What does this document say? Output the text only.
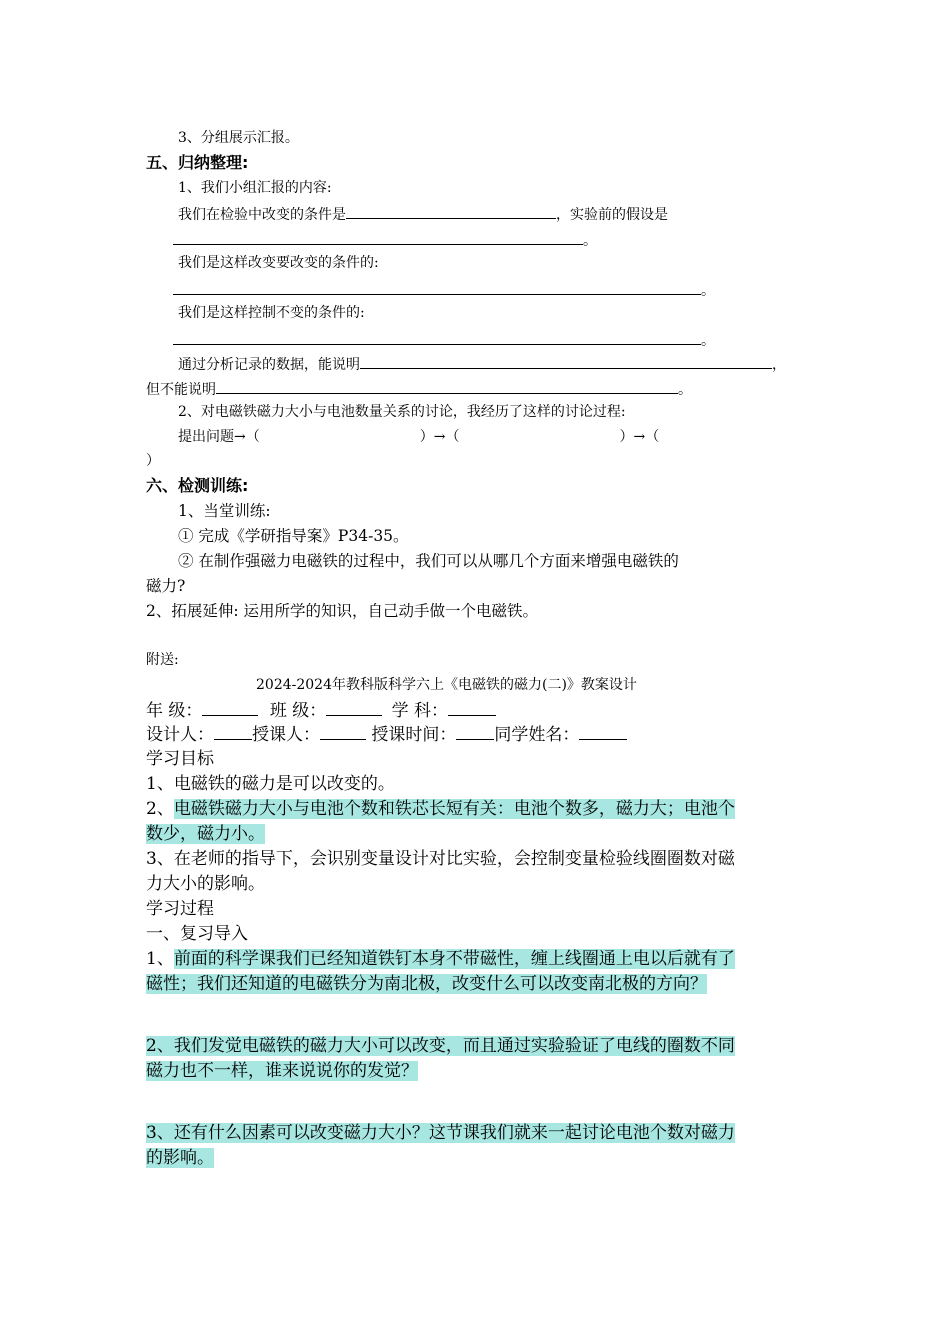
3、分组展示汇报。
五、归纳整理:
1、我们小组汇报的内容:
我们在检验中改变的条件是	，实验前的假设是
。
我们是这样改变要改变的条件的:
。
我们是这样控制不变的条件的:
。
通过分析记录的数据，能说明	，
但不能说明	。
2、对电磁铁磁力大小与电池数量关系的讨论，我经历了这样的讨论过程:
提出问题→（	）→（	）→（
）
六、检测训练:
1、当堂训练:
① 完成《学研指导案》P34-35。
② 在制作强磁力电磁铁的过程中，我们可以从哪几个方面来增强电磁铁的
磁力?
2、拓展延伸: 运用所学的知识，自己动手做一个电磁铁。
附送:
2024-2024年教科版科学六上《电磁铁的磁力(二)》教案设计
年 级：	班 级：	学 科：
设计人： 授课人：	授课时间： 同学姓名：
学习目标
1、电磁铁的磁力是可以改变的。
2、电磁铁磁力大小与电池个数和铁芯长短有关：电池个数多，磁力大；电池个
数少，磁力小。
3、在老师的指导下，会识别变量设计对比实验，会控制变量检验线圈圈数对磁
力大小的影响。
学习过程
一、复习导入
1、前面的科学课我们已经知道铁钉本身不带磁性，缠上线圈通上电以后就有了
磁性；我们还知道的电磁铁分为南北极，改变什么可以改变南北极的方向？
2、我们发觉电磁铁的磁力大小可以改变，而且通过实验验证了电线的圈数不同
磁力也不一样，谁来说说你的发觉？
3、还有什么因素可以改变磁力大小？这节课我们就来一起讨论电池个数对磁力
的影响。
